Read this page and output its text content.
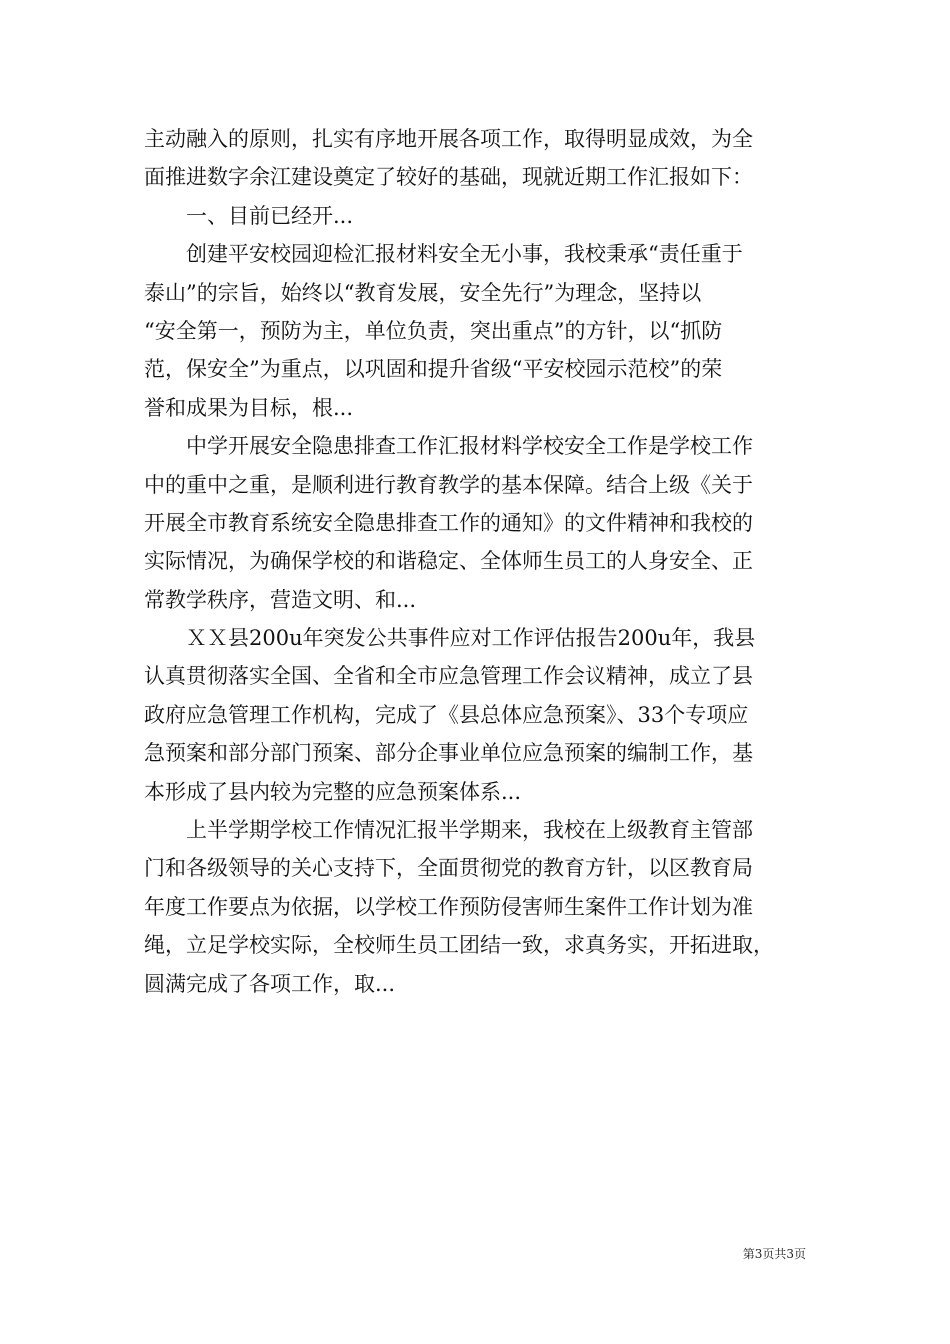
主动融入的原则，扎实有序地开展各项工作，取得明显成效，为全
面推进数字余江建设奠定了较好的基础，现就近期工作汇报如下：
一、目前已经开...
创建平安校园迎检汇报材料安全无小事，我校秉承“责任重于
泰山”的宗旨，始终以“教育发展，安全先行”为理念，坚持以
“安全第一，预防为主，单位负责，突出重点”的方针，以“抓防
范，保安全”为重点，以巩固和提升省级“平安校园示范校”的荣
誉和成果为目标，根...
中学开展安全隐患排查工作汇报材料学校安全工作是学校工作
中的重中之重，是顺利进行教育教学的基本保障。结合上级《关于
开展全市教育系统安全隐患排查工作的通知》的文件精神和我校的
实际情况，为确保学校的和谐稳定、全体师生员工的人身安全、正
常教学秩序，营造文明、和...
ＸＸ县200u年突发公共事件应对工作评估报告200u年，我县
认真贯彻落实全国、全省和全市应急管理工作会议精神，成立了县
政府应急管理工作机构，完成了《县总体应急预案》、33个专项应
急预案和部分部门预案、部分企事业单位应急预案的编制工作，基
本形成了县内较为完整的应急预案体系...
上半学期学校工作情况汇报半学期来，我校在上级教育主管部
门和各级领导的关心支持下，全面贯彻党的教育方针，以区教育局
年度工作要点为依据，以学校工作预防侵害师生案件工作计划为准
绳，立足学校实际，全校师生员工团结一致，求真务实，开拓进取，
圆满完成了各项工作，取...
第3页共3页
